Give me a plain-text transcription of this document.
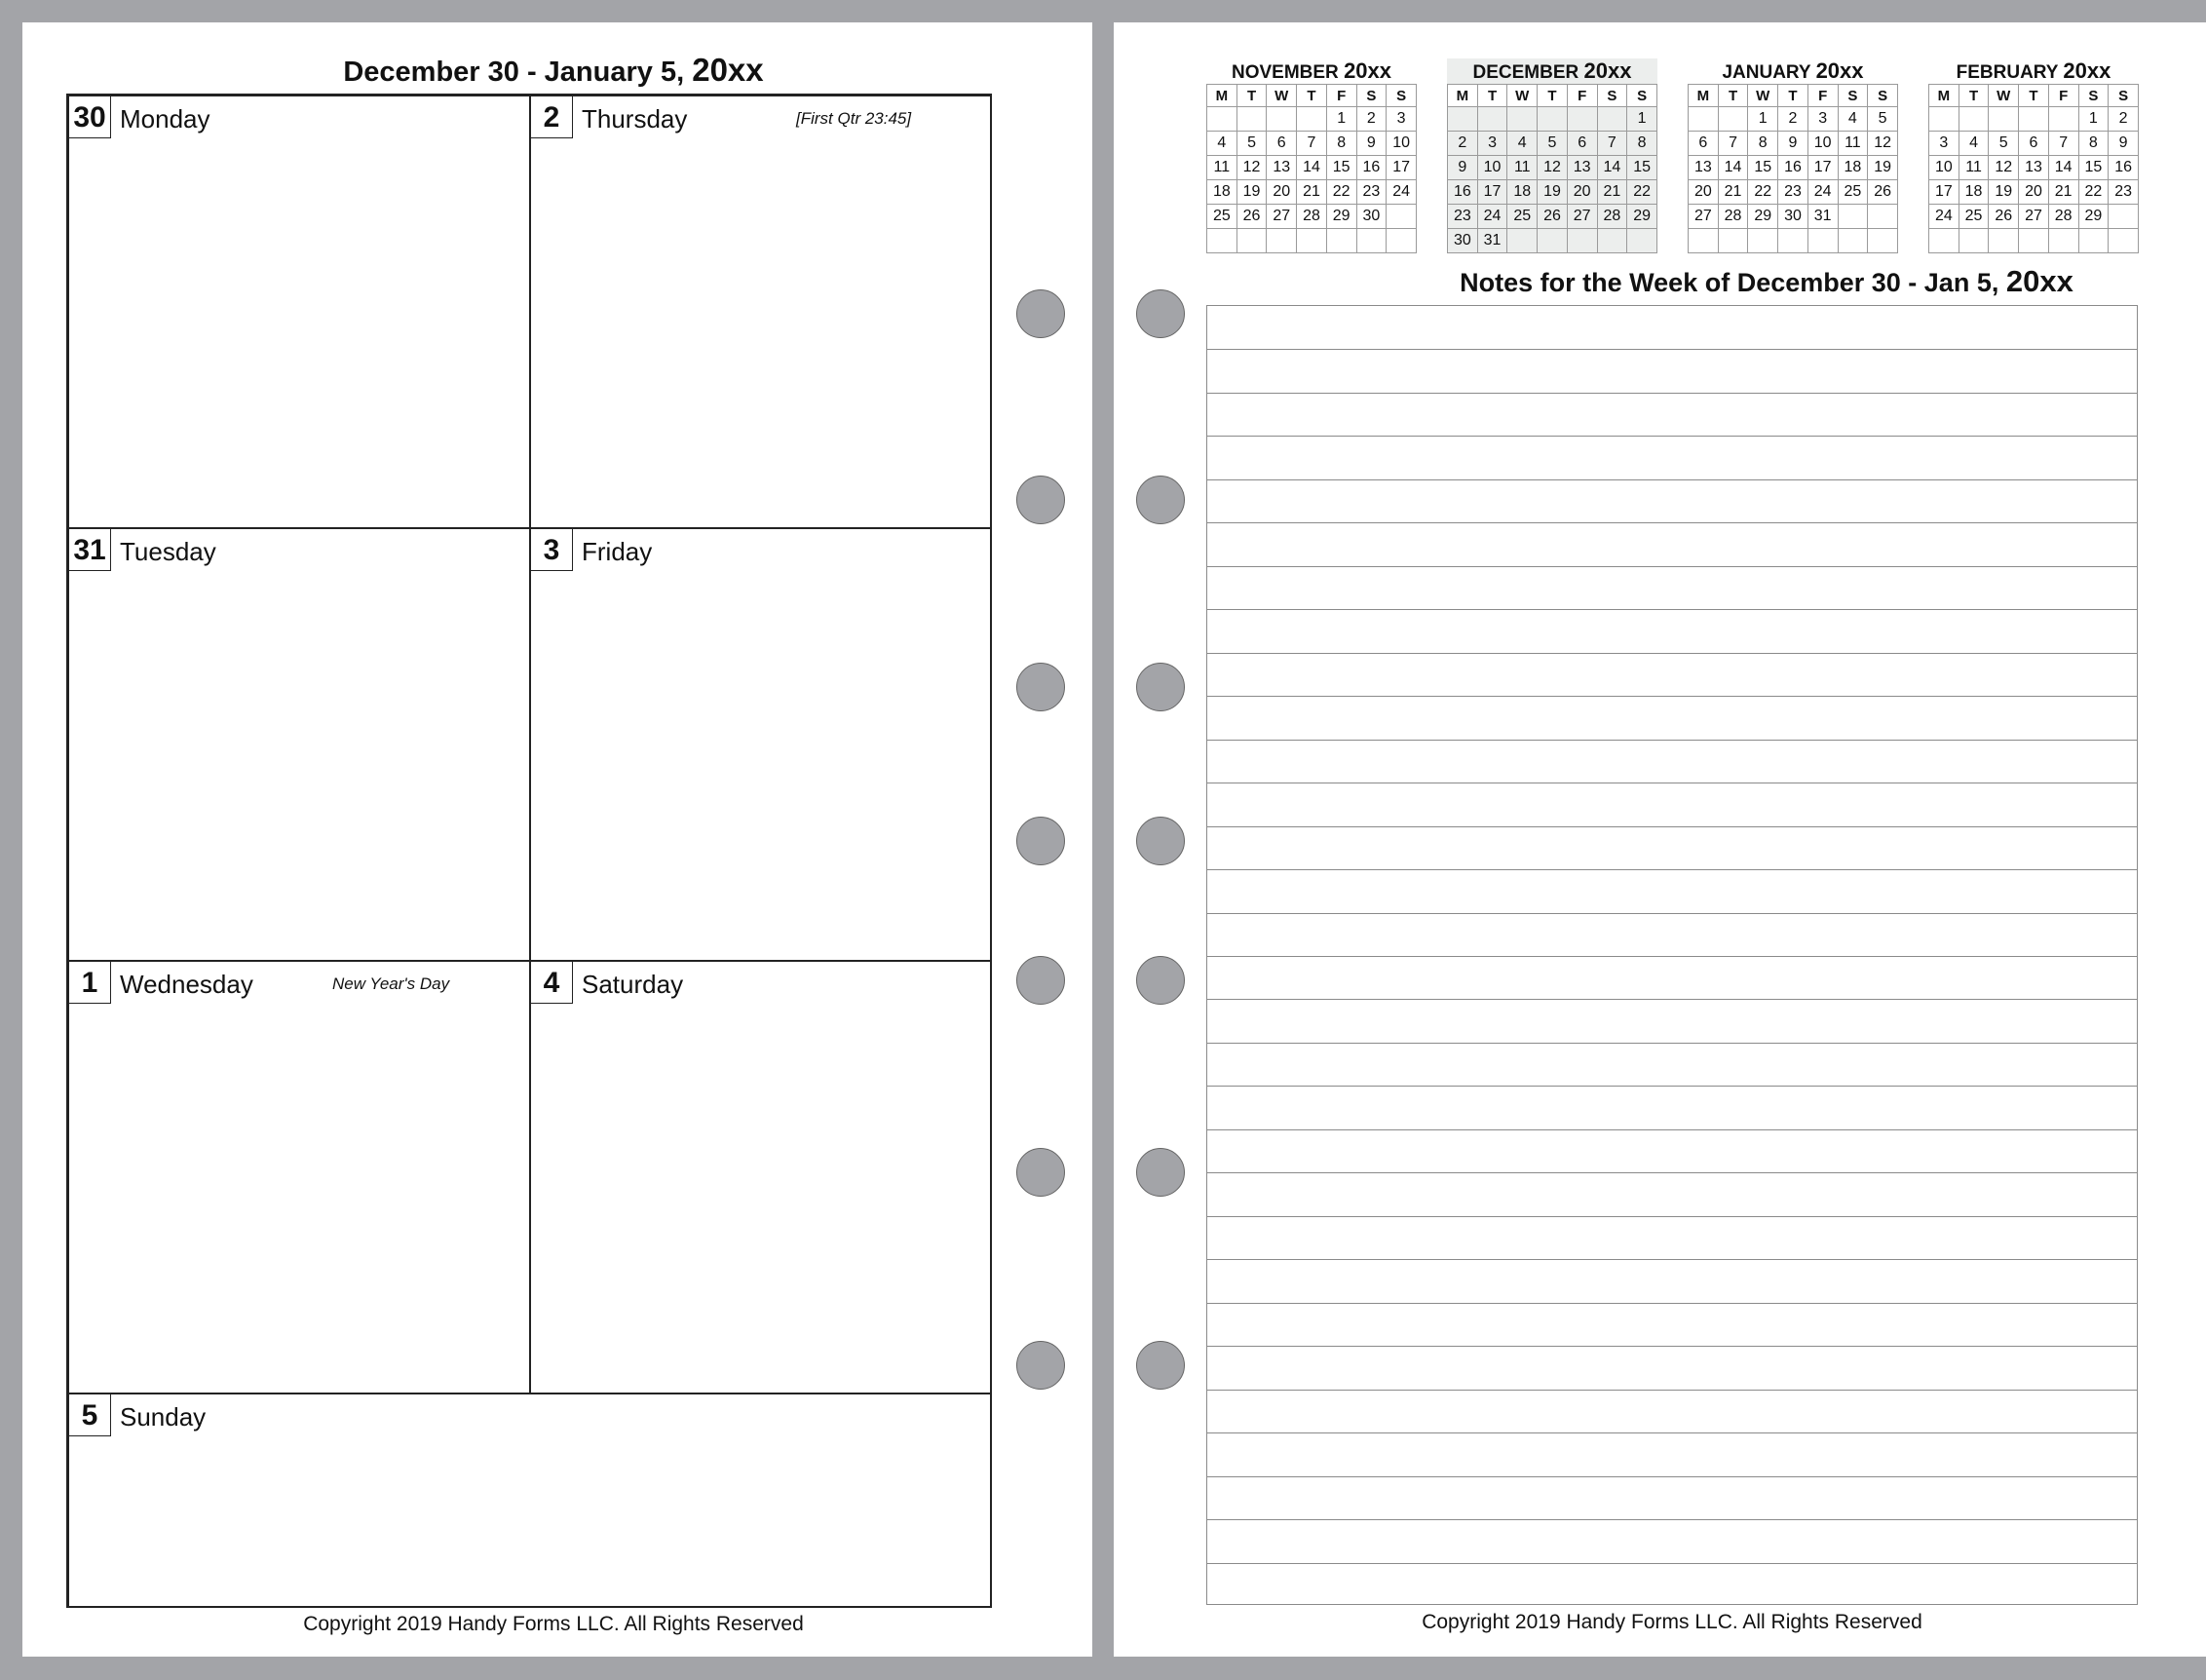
December 30 - January 5, 20xx
30 Monday	2 Thursday	[First Qtr 23:45]
31 Tuesday	3 Friday
1 Wednesday	New Year's Day	4 Saturday
5 Sunday
Copyright 2019 Handy Forms LLC. All Rights Reserved
NOVEMBER 20xx
M	T	W	T	F	S	S
				1	2	3
4	5	6	7	8	9	10
11	12	13	14	15	16	17
18	19	20	21	22	23	24
25	26	27	28	29	30	

DECEMBER 20xx
M	T	W	T	F	S	S
						1
2	3	4	5	6	7	8
9	10	11	12	13	14	15
16	17	18	19	20	21	22
23	24	25	26	27	28	29
30	31					
JANUARY 20xx
M	T	W	T	F	S	S
		1	2	3	4	5
6	7	8	9	10	11	12
13	14	15	16	17	18	19
20	21	22	23	24	25	26
27	28	29	30	31		

FEBRUARY 20xx
M	T	W	T	F	S	S
					1	2
3	4	5	6	7	8	9
10	11	12	13	14	15	16
17	18	19	20	21	22	23
24	25	26	27	28	29	

Notes for the Week of December 30 - Jan 5, 20xx
Copyright 2019 Handy Forms LLC. All Rights Reserved
